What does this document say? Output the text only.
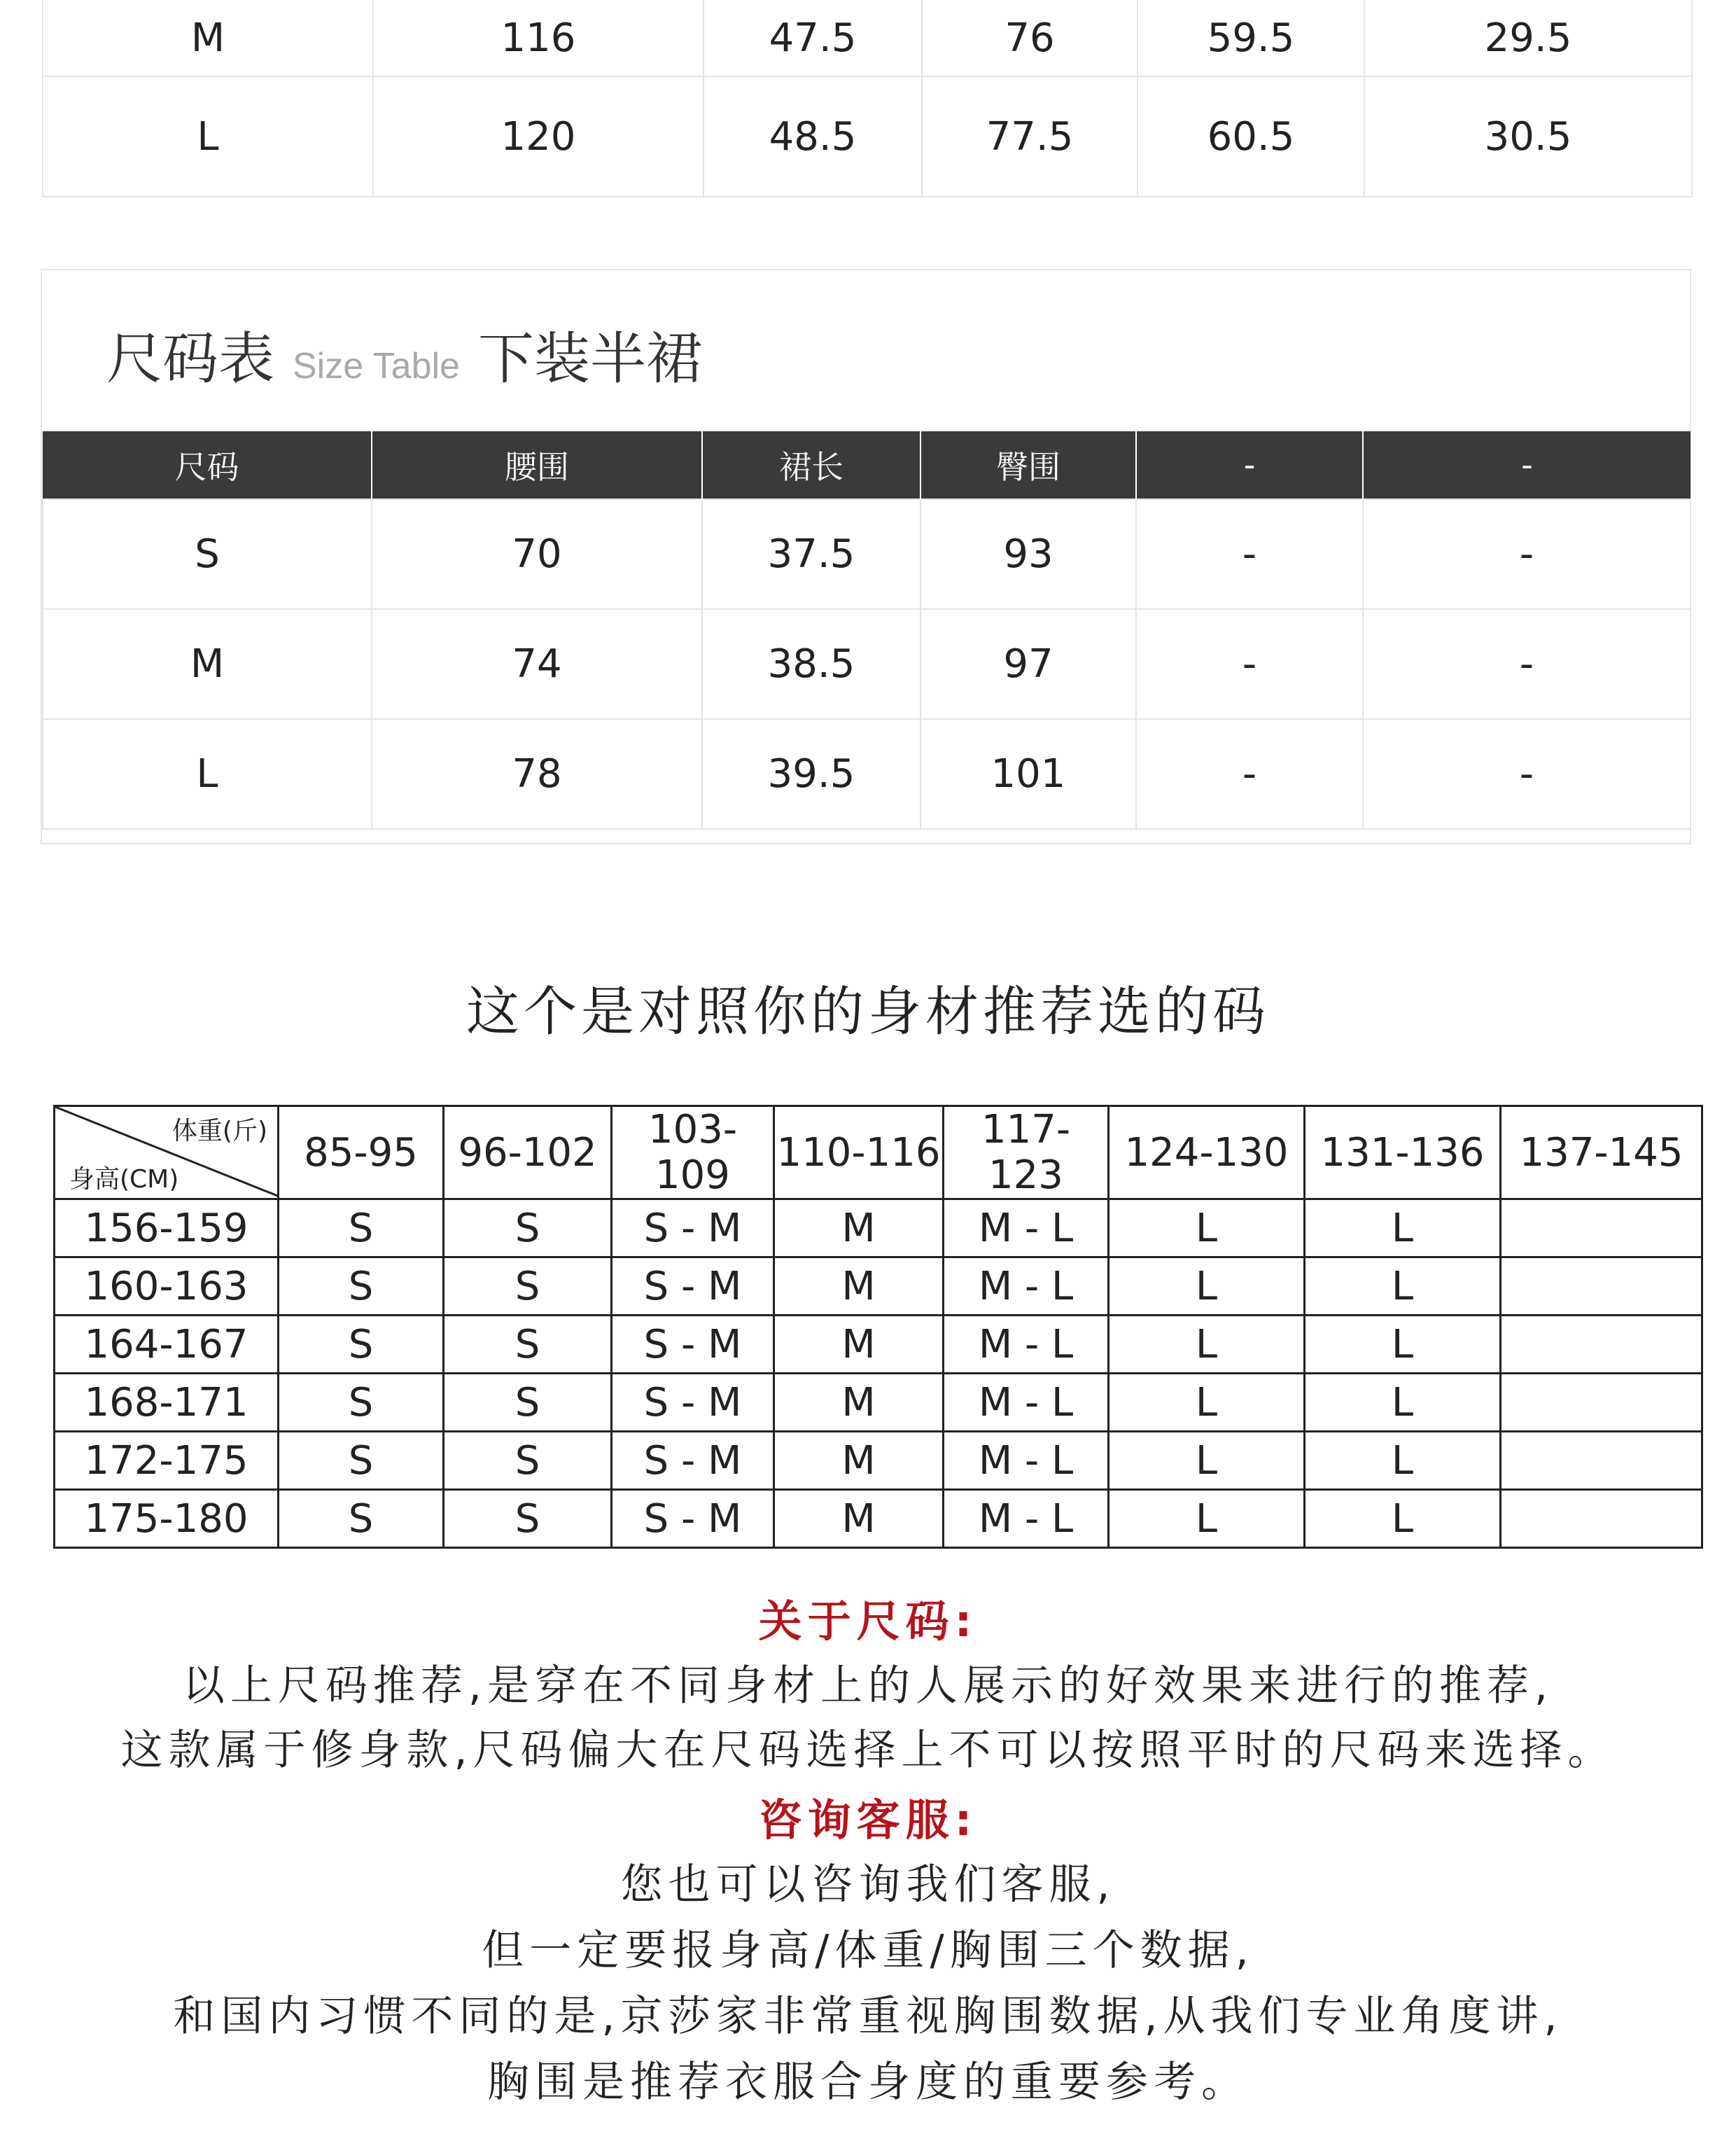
M	116	47.5	76	59.5	29.5
L	120	48.5	77.5	60.5	30.5
尺码表 Size Table 下装半裙
尺码	腰围	裙长	臀围	-	-
S	70	37.5	93	-	-
M	74	38.5	97	-	-
L	78	39.5	101	-	-
这个是对照你的身材推荐选的码
体重(斤)
身高(CM)	85-95	96-102	103-109	110-116	117-123	124-130	131-136	137-145
156-159	S	S	S - M	M	M - L	L	L	
160-163	S	S	S - M	M	M - L	L	L	
164-167	S	S	S - M	M	M - L	L	L	
168-171	S	S	S - M	M	M - L	L	L	
172-175	S	S	S - M	M	M - L	L	L	
175-180	S	S	S - M	M	M - L	L	L	
关于尺码:
以上尺码推荐,是穿在不同身材上的人展示的好效果来进行的推荐,
这款属于修身款,尺码偏大在尺码选择上不可以按照平时的尺码来选择。
咨询客服:
您也可以咨询我们客服,
但一定要报身高/体重/胸围三个数据,
和国内习惯不同的是,京莎家非常重视胸围数据,从我们专业角度讲,
胸围是推荐衣服合身度的重要参考。
